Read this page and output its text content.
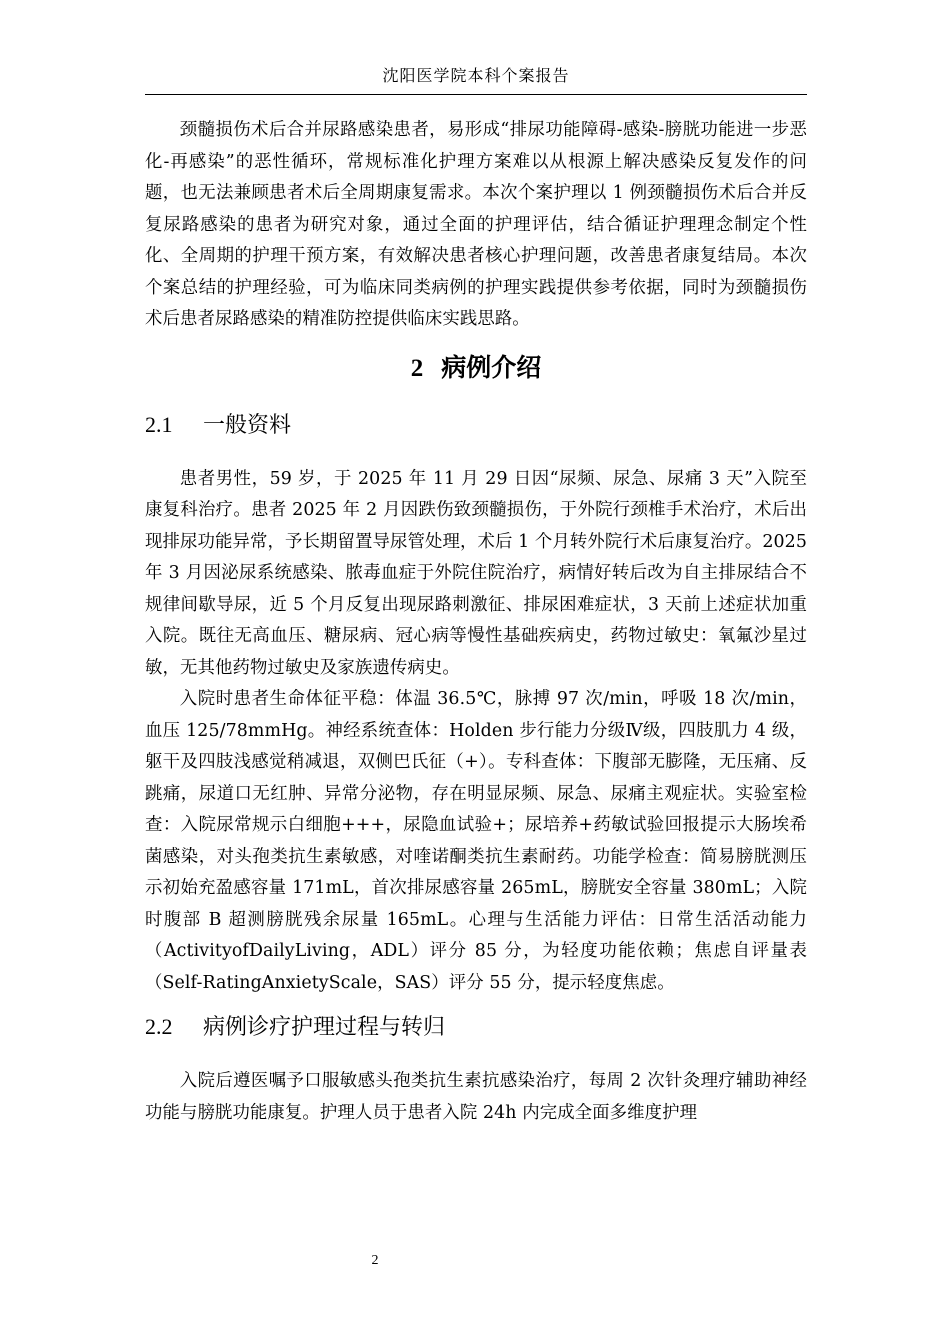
沈阳医学院本科个案报告

颈髓损伤术后合并尿路感染患者，易形成“排尿功能障碍-感染-膀胱功能进一步恶化-再感染”的恶性循环，常规标准化护理方案难以从根源上解决感染反复发作的问题，也无法兼顾患者术后全周期康复需求。本次个案护理以 1 例颈髓损伤术后合并反复尿路感染的患者为研究对象，通过全面的护理评估，结合循证护理理念制定个性化、全周期的护理干预方案，有效解决患者核心护理问题，改善患者康复结局。本次个案总结的护理经验，可为临床同类病例的护理实践提供参考依据，同时为颈髓损伤术后患者尿路感染的精准防控提供临床实践思路。

2 病例介绍
2.1 一般资料

患者男性，59 岁，于 2025 年 11 月 29 日因“尿频、尿急、尿痛 3 天”入院至康复科治疗。患者 2025 年 2 月因跌伤致颈髓损伤，于外院行颈椎手术治疗，术后出现排尿功能异常，予长期留置导尿管处理，术后 1 个月转外院行术后康复治疗。2025 年 3 月因泌尿系统感染、脓毒血症于外院住院治疗，病情好转后改为自主排尿结合不规律间歇导尿，近 5 个月反复出现尿路刺激征、排尿困难症状，3 天前上述症状加重入院。既往无高血压、糖尿病、冠心病等慢性基础疾病史，药物过敏史：氧氟沙星过敏，无其他药物过敏史及家族遗传病史。

入院时患者生命体征平稳：体温 36.5℃，脉搏 97 次/min，呼吸 18 次/min，血压 125/78mmHg。神经系统查体：Holden 步行能力分级Ⅳ级，四肢肌力 4 级，躯干及四肢浅感觉稍减退，双侧巴氏征（+）。专科查体：下腹部无膨隆，无压痛、反跳痛，尿道口无红肿、异常分泌物，存在明显尿频、尿急、尿痛主观症状。实验室检查：入院尿常规示白细胞+++，尿隐血试验+；尿培养+药敏试验回报提示大肠埃希菌感染，对头孢类抗生素敏感，对喹诺酮类抗生素耐药。功能学检查：简易膀胱测压示初始充盈感容量 171mL，首次排尿感容量 265mL，膀胱安全容量 380mL；入院时腹部 B 超测膀胱残余尿量 165mL。心理与生活能力评估：日常生活活动能力（ActivityofDailyLiving，ADL）评分 85 分，为轻度功能依赖；焦虑自评量表（Self-RatingAnxietyScale，SAS）评分 55 分，提示轻度焦虑。

2.2 病例诊疗护理过程与转归

入院后遵医嘱予口服敏感头孢类抗生素抗感染治疗，每周 2 次针灸理疗辅助神经功能与膀胱功能康复。护理人员于患者入院 24h 内完成全面多维度护理

2
